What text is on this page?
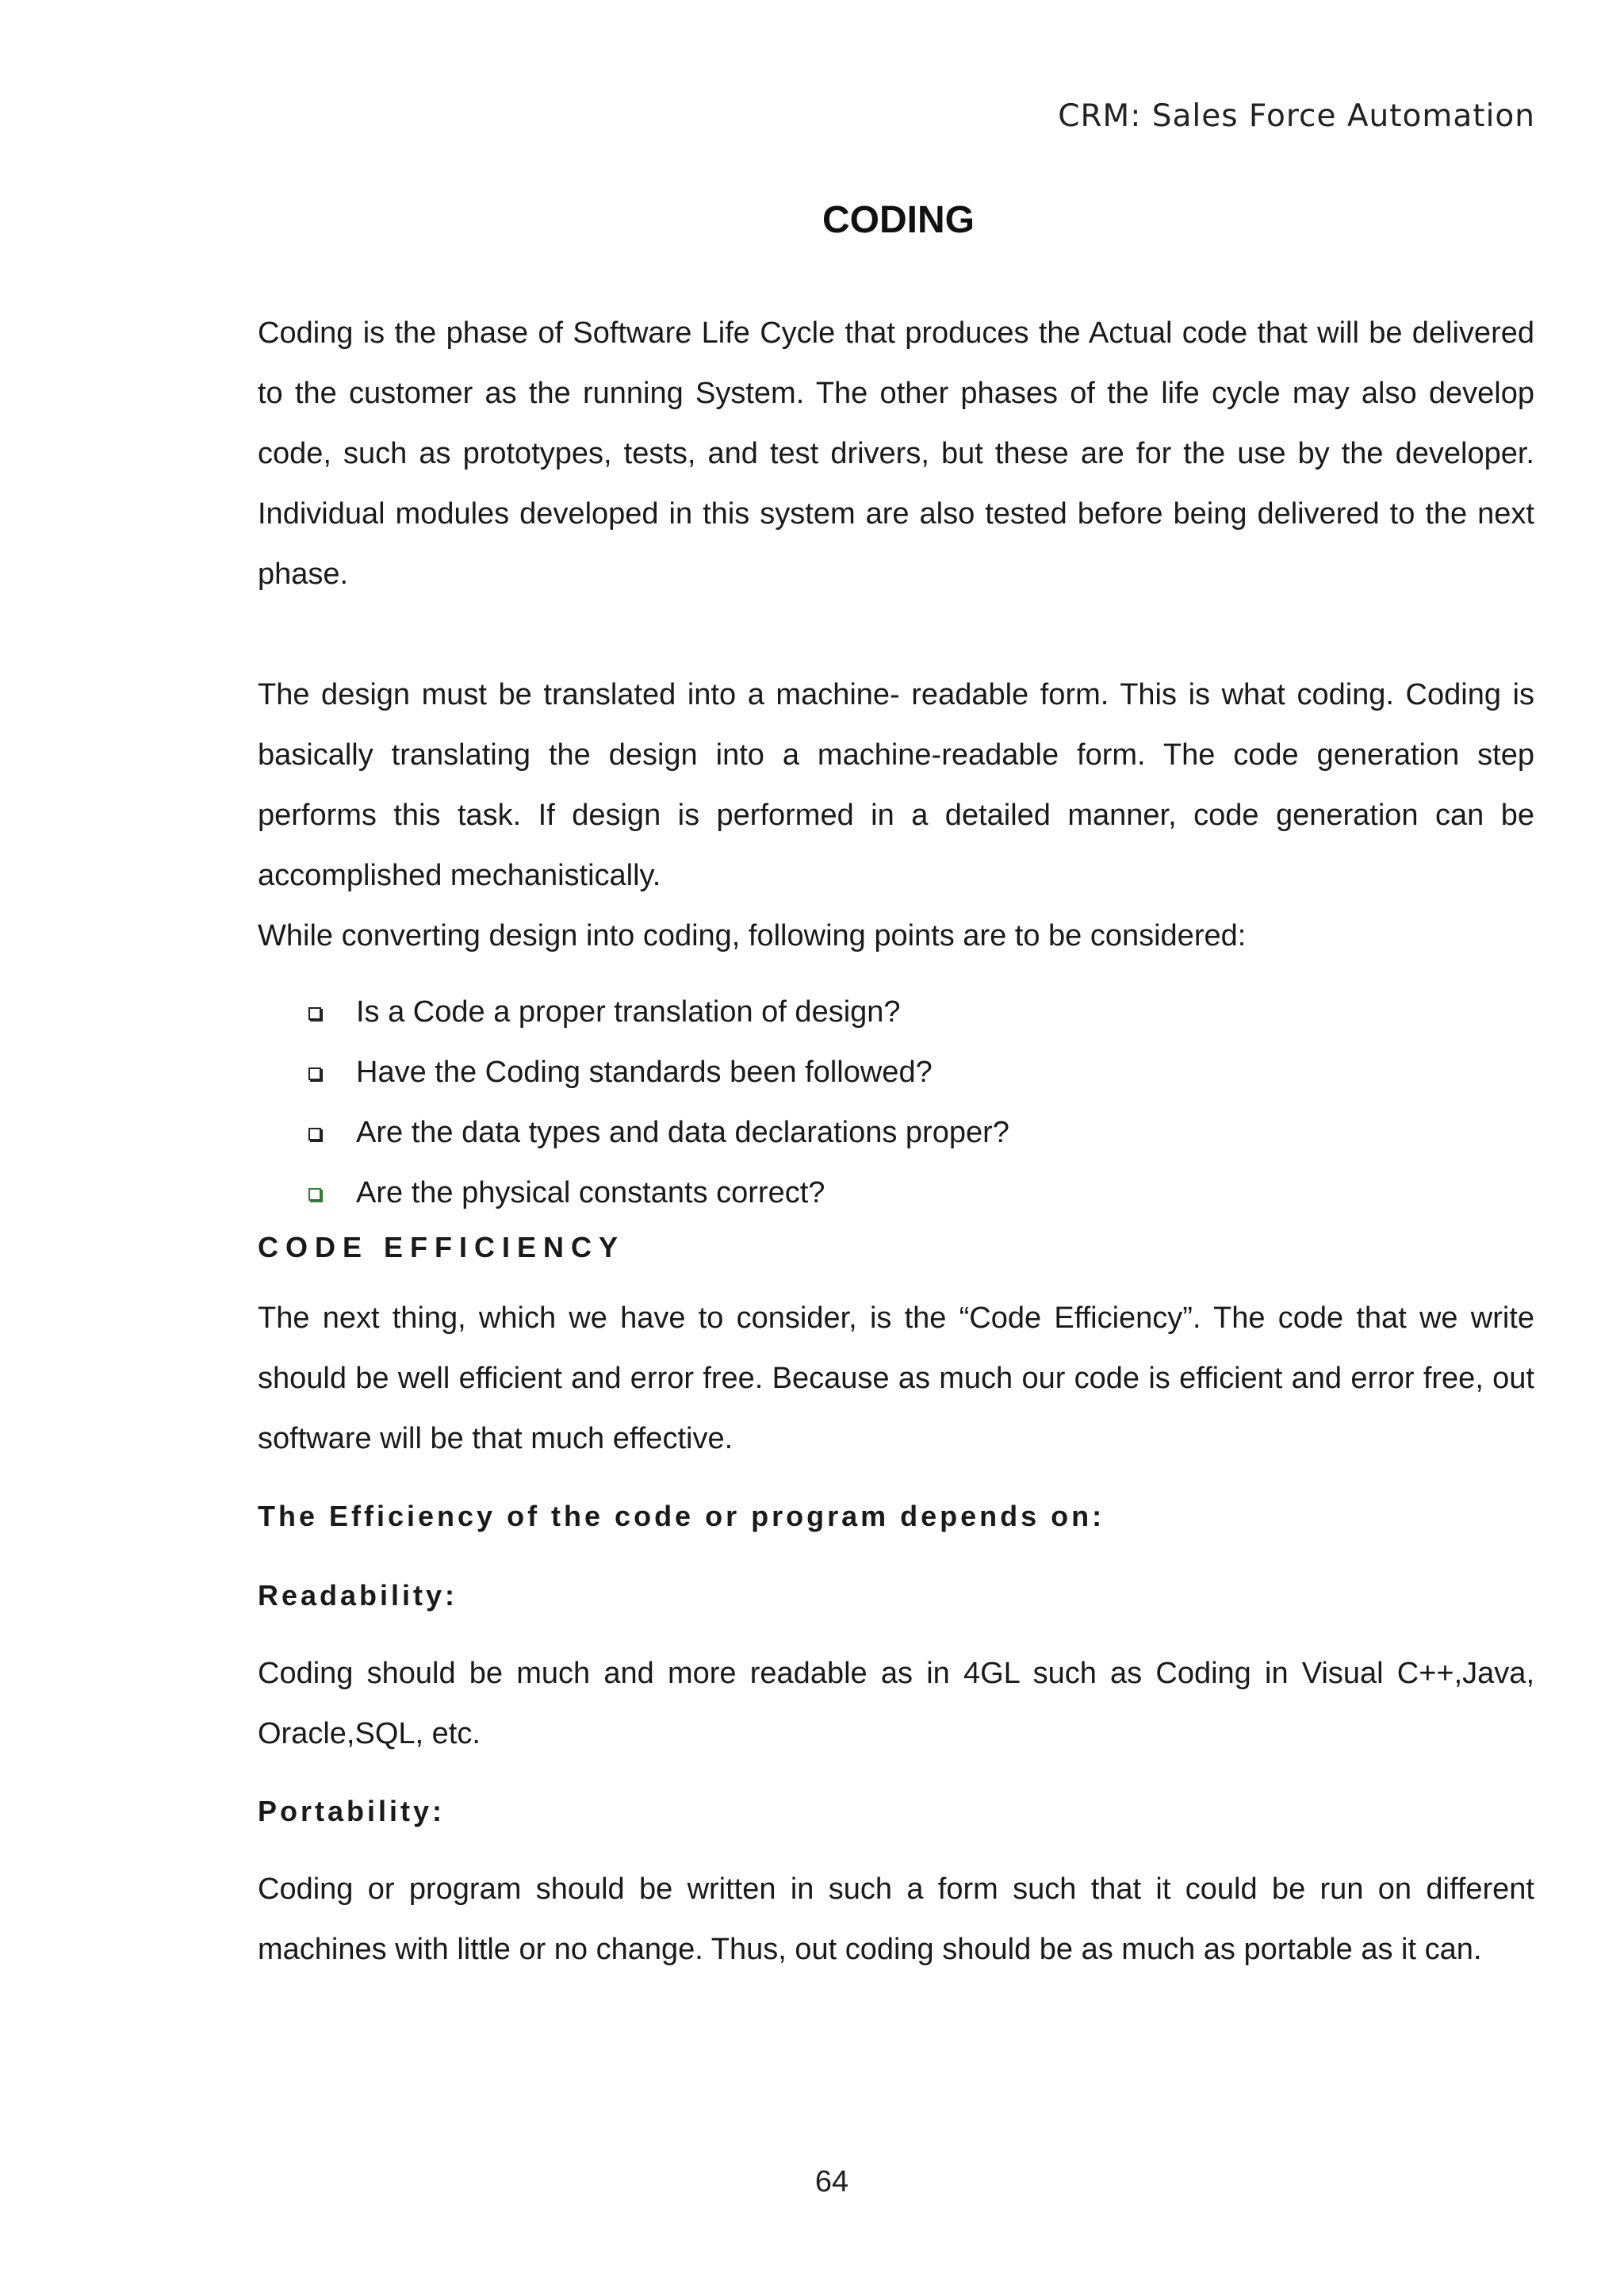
CRM: Sales Force Automation
CODING

Coding is the phase of Software Life Cycle that produces the Actual code that will be delivered to the customer as the running System. The other phases of the life cycle may also develop code, such as prototypes, tests, and test drivers, but these are for the use by the developer. Individual modules developed in this system are also tested before being delivered to the next phase.

The design must be translated into a machine- readable form. This is what coding. Coding is basically translating the design into a machine-readable form. The code generation step performs this task. If design is performed in a detailed manner, code generation can be accomplished mechanistically.

While converting design into coding, following points are to be considered:

Is a Code a proper translation of design?
Have the Coding standards been followed?
Are the data types and data declarations proper?
Are the physical constants correct?
CODE EFFICIENCY

The next thing, which we have to consider, is the “Code Efficiency”. The code that we write should be well efficient and error free. Because as much our code is efficient and error free, out software will be that much effective.

The Efficiency of the code or program depends on:
Readability:

Coding should be much and more readable as in 4GL such as Coding in Visual C++,Java, Oracle,SQL, etc.

Portability:

Coding or program should be written in such a form such that it could be run on different machines with little or no change. Thus, out coding should be as much as portable as it can.

64
